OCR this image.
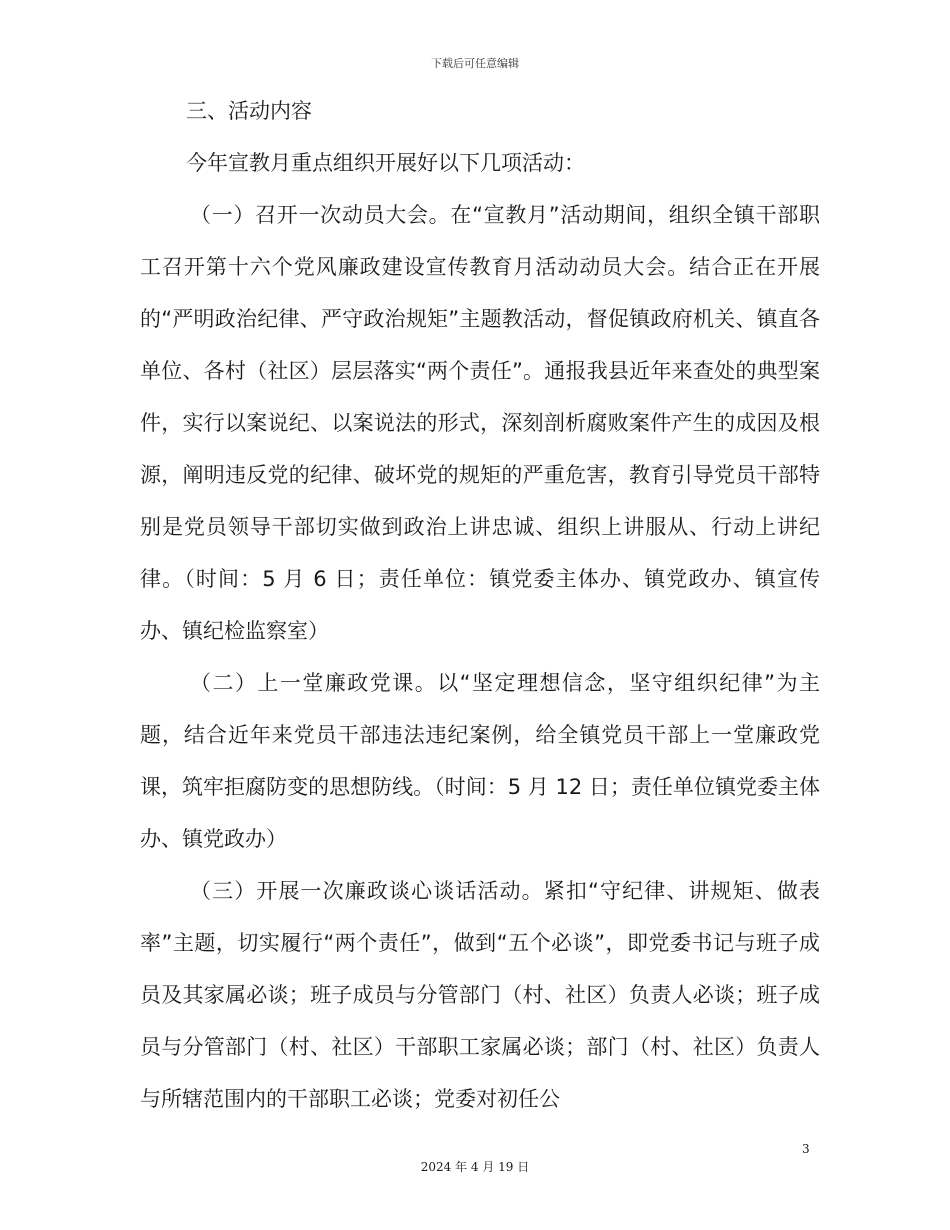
下载后可任意编辑

三、活动内容

今年宣教月重点组织开展好以下几项活动：

（一）召开一次动员大会。在“宣教月”活动期间，组织全镇干部职工召开第十六个党风廉政建设宣传教育月活动动员大会。结合正在开展的“严明政治纪律、严守政治规矩”主题教活动，督促镇政府机关、镇直各单位、各村（社区）层层落实“两个责任”。通报我县近年来查处的典型案件，实行以案说纪、以案说法的形式，深刻剖析腐败案件产生的成因及根源，阐明违反党的纪律、破坏党的规矩的严重危害，教育引导党员干部特别是党员领导干部切实做到政治上讲忠诚、组织上讲服从、行动上讲纪律。（时间：5 月 6 日；责任单位：镇党委主体办、镇党政办、镇宣传办、镇纪检监察室）

（二）上一堂廉政党课。以“坚定理想信念，坚守组织纪律”为主题，结合近年来党员干部违法违纪案例，给全镇党员干部上一堂廉政党课，筑牢拒腐防变的思想防线。（时间：5 月 12 日；责任单位镇党委主体办、镇党政办）

（三）开展一次廉政谈心谈话活动。紧扣“守纪律、讲规矩、做表率”主题，切实履行“两个责任”，做到“五个必谈”，即党委书记与班子成员及其家属必谈；班子成员与分管部门（村、社区）负责人必谈；班子成员与分管部门（村、社区）干部职工家属必谈；部门（村、社区）负责人与所辖范围内的干部职工必谈；党委对初任公

3
2024 年 4 月 19 日
